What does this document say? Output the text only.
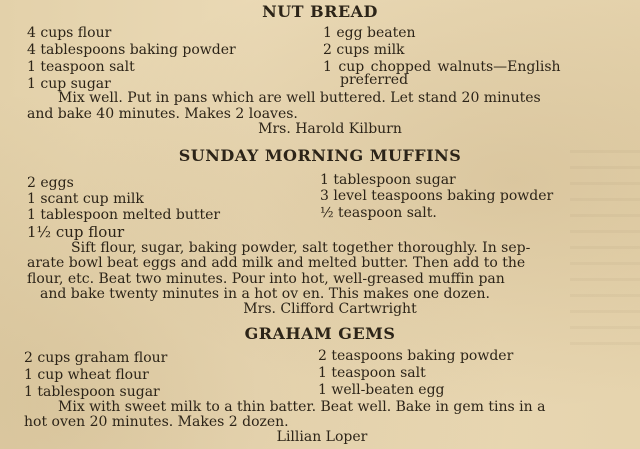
NUT BREAD
4 cups flour
4 tablespoons baking powder
1 teaspoon salt
1 cup sugar
1 egg beaten
2 cups milk
1 cup chopped walnuts—English
preferred
Mix well. Put in pans which are well buttered. Let stand 20 minutes
and bake 40 minutes. Makes 2 loaves.
Mrs. Harold Kilburn
SUNDAY MORNING MUFFINS
2 eggs
1 scant cup milk
1 tablespoon melted butter
1½ cup flour
1 tablespoon sugar
3 level teaspoons baking powder
½ teaspoon salt.
Sift flour, sugar, baking powder, salt together thoroughly. In sep-
arate bowl beat eggs and add milk and melted butter. Then add to the
flour, etc. Beat two minutes. Pour into hot, well-greased muffin pan
and bake twenty minutes in a hot ov en. This makes one dozen.
Mrs. Clifford Cartwright
GRAHAM GEMS
2 cups graham flour
1 cup wheat flour
1 tablespoon sugar
2 teaspoons baking powder
1 teaspoon salt
1 well-beaten egg
Mix with sweet milk to a thin batter. Beat well. Bake in gem tins in a
hot oven 20 minutes. Makes 2 dozen.
Lillian Loper
